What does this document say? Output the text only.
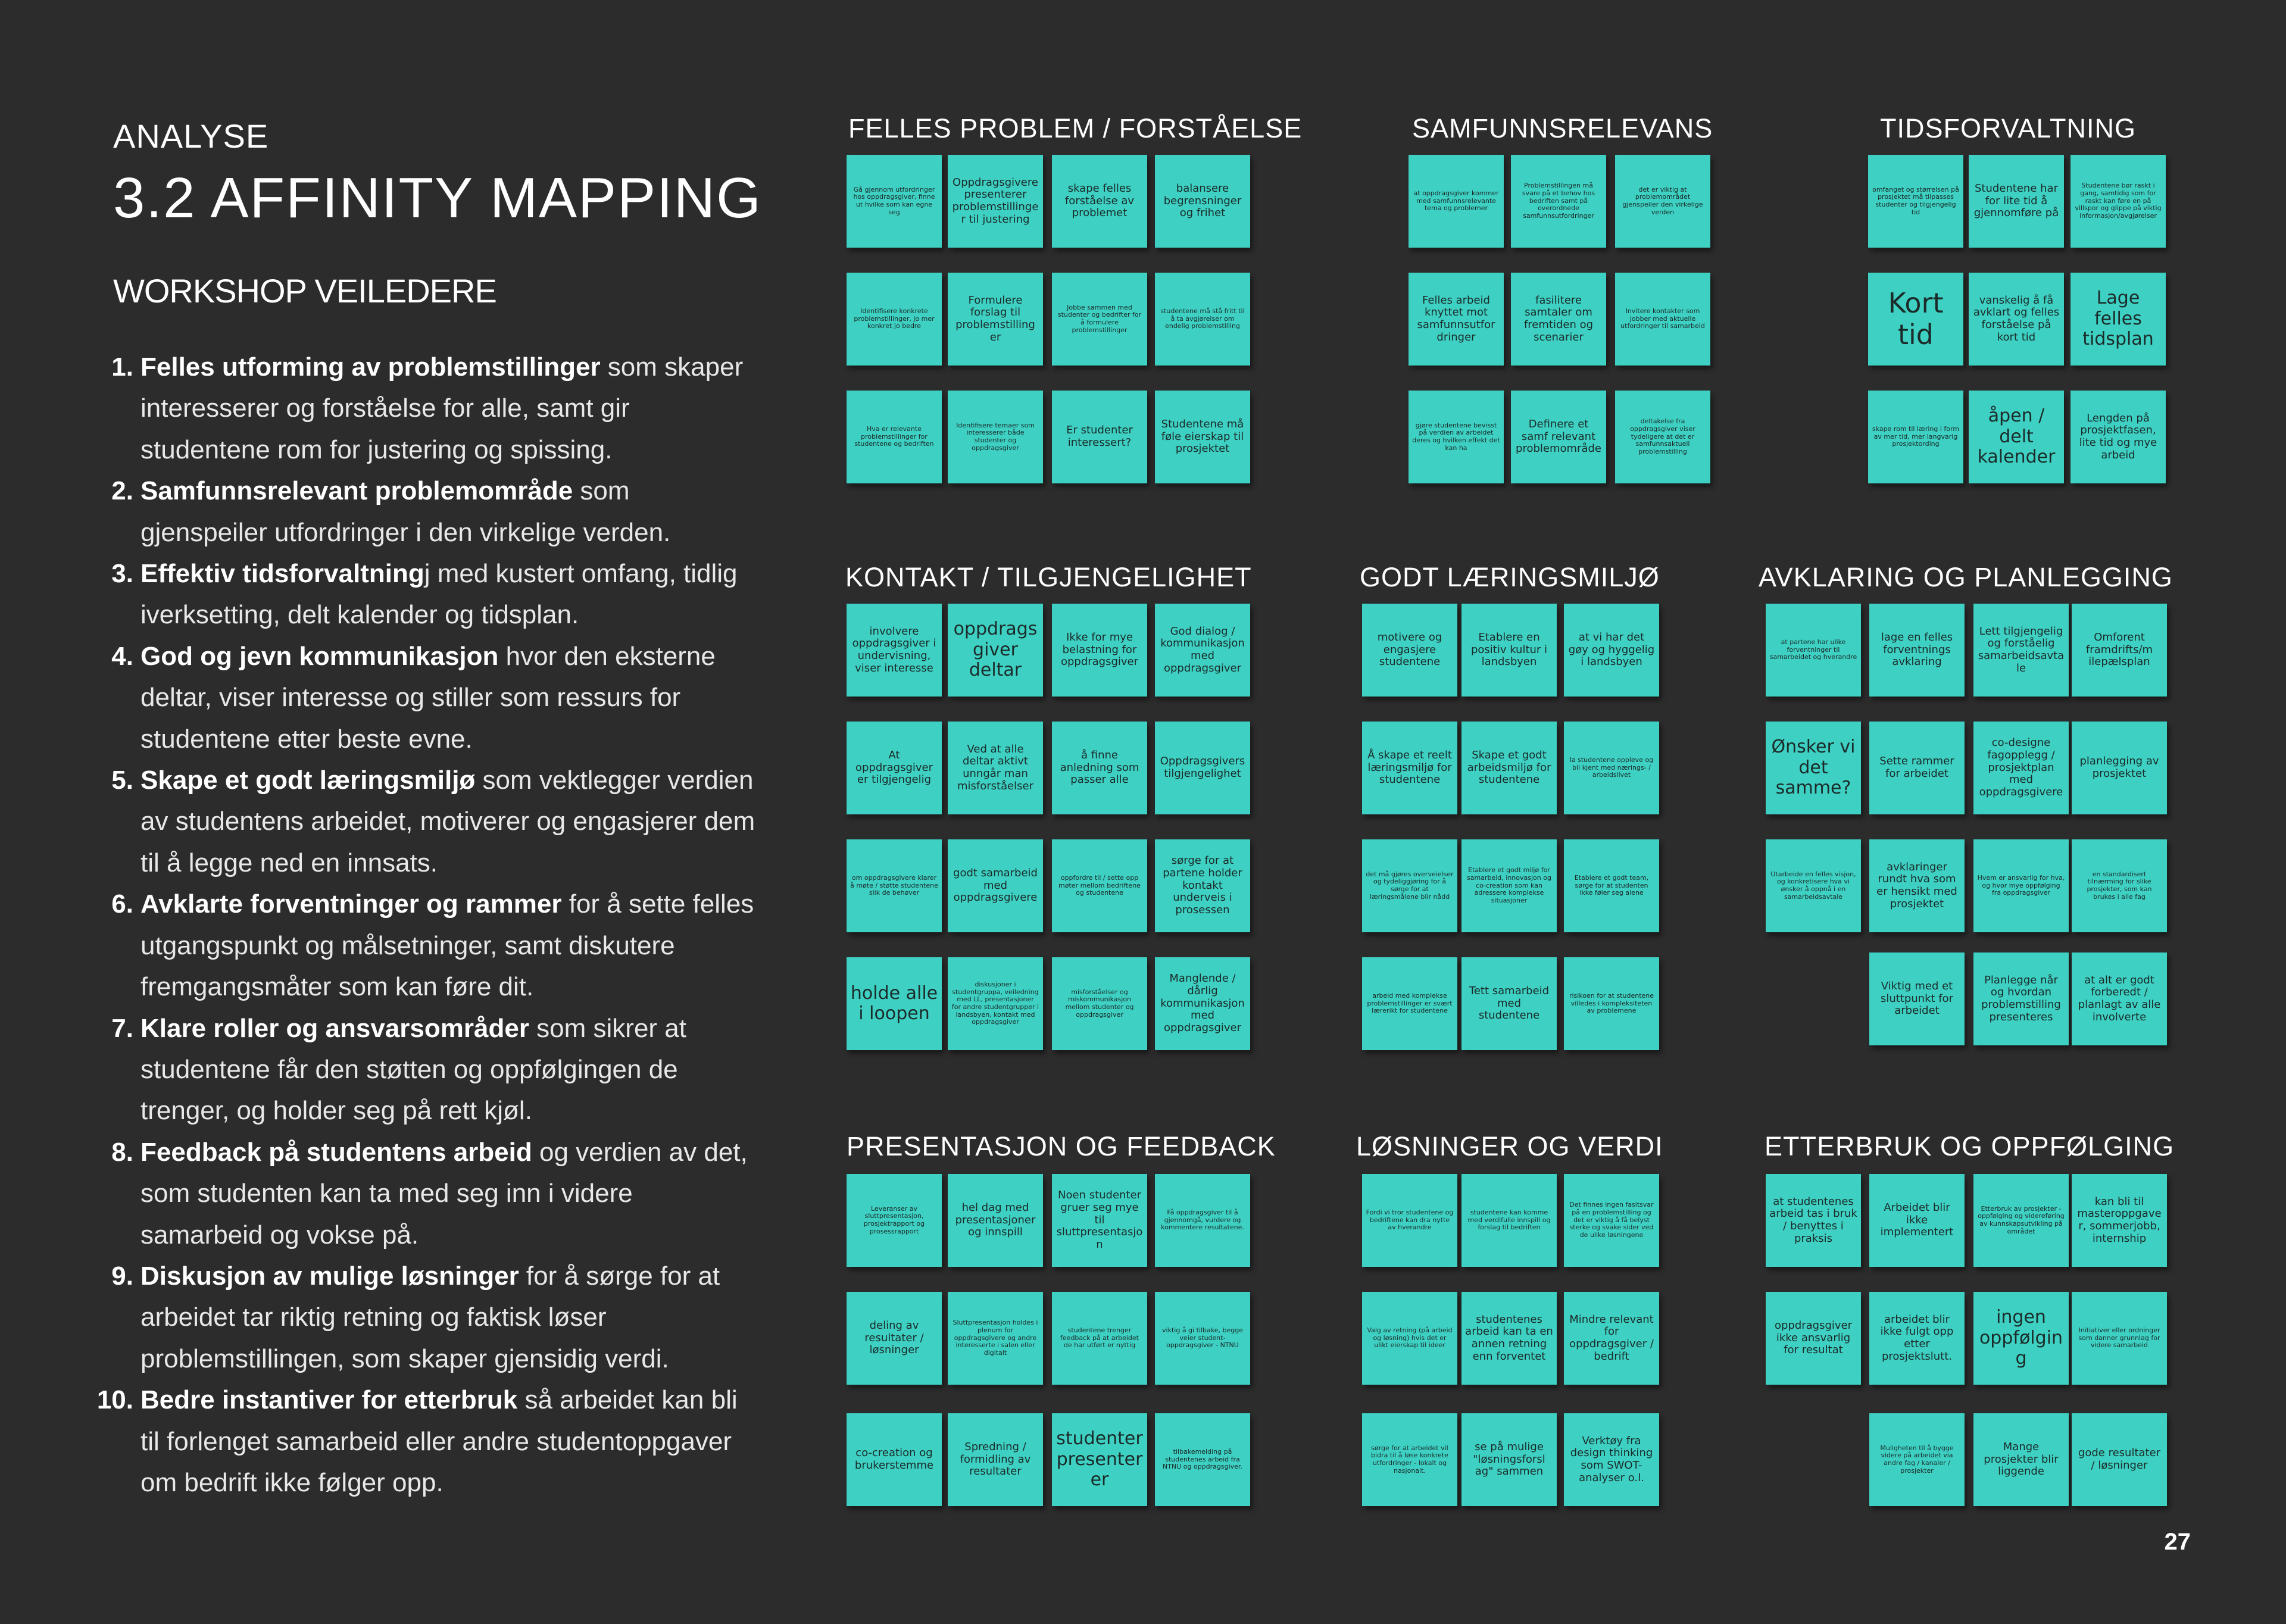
ANALYSE
3.2 AFFINITY MAPPING
WORKSHOP VEILEDERE
1. Felles utforming av problemstillinger som skaper interesserer og forståelse for alle, samt gir studentene rom for justering og spissing.
2. Samfunnsrelevant problemområde som gjenspeiler utfordringer i den virkelige verden.
3. Effektiv tidsforvaltningj med kustert omfang, tidlig iverksetting, delt kalender og tidsplan.
4. God og jevn kommunikasjon hvor den eksterne deltar, viser interesse og stiller som ressurs for studentene etter beste evne.
5. Skape et godt læringsmiljø som vektlegger verdien av studentens arbeidet, motiverer og engasjerer dem til å legge ned en innsats.
6. Avklarte forventninger og rammer for å sette felles utgangspunkt og målsetninger, samt diskutere fremgangsmåter som kan føre dit.
7. Klare roller og ansvarsområder som sikrer at studentene får den støtten og oppfølgingen de trenger, og holder seg på rett kjøl.
8. Feedback på studentens arbeid og verdien av det, som studenten kan ta med seg inn i videre samarbeid og vokse på.
9. Diskusjon av mulige løsninger for å sørge for at arbeidet tar riktig retning og faktisk løser problemstillingen, som skaper gjensidig verdi.
10. Bedre instantiver for etterbruk så arbeidet kan bli til forlenget samarbeid eller andre studentoppgaver om bedrift ikke følger opp.
FELLES PROBLEM / FORSTÅELSE
Gå gjennom utfordringer hos oppdragsgiver, finne ut hvilke som kan egne seg
Oppdragsgivere presenterer problemstillinger til justering
skape felles forståelse av problemet
balansere begrensninger og frihet
Identifisere konkrete problemstillinger, jo mer konkret jo bedre
Formulere forslag til problemstilling er
Jobbe sammen med studenter og bedrifter for å formulere problemstillinger
studentene må stå fritt til å ta avgjørelser om endelig problemstilling
Hva er relevante problemstillinger for studentene og bedriften
Identifisere temaer som interesserer både studenter og oppdragsgiver
Er studenter interessert?
Studentene må føle eierskap til prosjektet
SAMFUNNSRELEVANS
at oppdragsgiver kommer med samfunnsrelevante tema og problemer
Problemstillingen må svare på et behov hos bedriften samt på overordnede samfunnsutfordringer
det er viktig at problemområdet gjenspeiler den virkelige verden
Felles arbeid knyttet mot samfunnsutfor dringer
fasilitere samtaler om fremtiden og scenarier
Invitere kontakter som jobber med aktuelle utfordringer til samarbeid
gjøre studentene bevisst på verdien av arbeidet deres og hvilken effekt det kan ha
Definere et samf relevant problemområde
deltakelse fra oppdragsgiver viser tydeligere at det er samfunnsaktuell problemstilling
TIDSFORVALTNING
omfanget og størrelsen på prosjektet må tilpasses studenter og tilgjengelig tid
Studentene har for lite tid å gjennomføre på
Studentene bør raskt i gang, samtidig som for raskt kan føre en på villspor og glippe på viktig informasjon/avgjørelser
Kort tid
vanskelig å få avklart og felles forståelse på kort tid
Lage felles tidsplan
skape rom til læring i form av mer tid, mer langvarig prosjektording
åpen / delt kalender
Lengden på prosjektfasen, lite tid og mye arbeid
KONTAKT / TILGJENGELIGHET
involvere oppdragsgiver i undervisning, viser interesse
oppdragsgiver deltar
Ikke for mye belastning for oppdragsgiver
God dialog / kommunikasjon med oppdragsgiver
At oppdragsgiver er tilgjengelig
Ved at alle deltar aktivt unngår man misforståelser
å finne anledning som passer alle
Oppdragsgivers tilgjengelighet
om oppdragsgivere klarer å møte / støtte studentene slik de behøver
godt samarbeid med oppdragsgivere
oppfordre til / sette opp møter mellom bedriftene og studentene
sørge for at partene holder kontakt underveis i prosessen
holde alle i loopen
diskusjoner i studentgruppa, veiledning med LL, presentasjoner for andre studentgrupper i landsbyen, kontakt med oppdragsgiver
misforståelser og miskommunikasjon mellom studenter og oppdragsgiver
Manglende / dårlig kommunikasjon med oppdragsgiver
GODT LÆRINGSMILJØ
motivere og engasjere studentene
Etablere en positiv kultur i landsbyen
at vi har det gøy og hyggelig i landsbyen
Å skape et reelt læringsmiljø for studentene
Skape et godt arbeidsmiljø for studentene
la studentene oppleve og bli kjent med nærings- / arbeidslivet
det må gjøres overveielser og tydeliggjøring for å sørge for at læringsmålene blir nådd
Etablere et godt miljø for samarbeid, innovasjon og co-creation som kan adressere komplekse situasjoner
Etablere et godt team, sørge for at studenten ikke føler seg alene
arbeid med komplekse problemstillinger er svært lærerikt for studentene
Tett samarbeid med studentene
risikoen for at studentene villedes i kompleksiteten av problemene
AVKLARING OG PLANLEGGING
at partene har ulike forventninger til samarbeidet og hverandre
lage en felles forventnings avklaring
Lett tilgjengelig og forståelig samarbeidsavtale
Omforent framdrifts/m ilepælsplan
Ønsker vi det samme?
Sette rammer for arbeidet
co-designe fagopplegg / prosjektplan med oppdragsgivere
planlegging av prosjektet
Utarbeide en felles visjon, og konkretisere hva vi ønsker å oppnå i en samarbeidsavtale
avklaringer rundt hva som er hensikt med prosjektet
Hvem er ansvarlig for hva, og hvor mye oppfølging fra oppdragsgiver
en standardisert tilnærming for slike prosjekter, som kan brukes i alle fag
Viktig med et sluttpunkt for arbeidet
Planlegge når og hvordan problemstilling presenteres
at alt er godt forberedt / planlagt av alle involverte
PRESENTASJON OG FEEDBACK
Leveranser av sluttpresentasjon, prosjektrapport og prosessrapport
hel dag med presentasjoner og innspill
Noen studenter gruer seg mye til sluttpresentasjon
Få oppdragsgiver til å gjennomgå, vurdere og kommentere resultatene.
deling av resultater / løsninger
Sluttpresentasjon holdes i plenum for oppdragsgivere og andre interesserte i salen eller digitalt
studentene trenger feedback på at arbeidet de har utført er nyttig
viktig å gi tilbake, begge veier student-oppdragsgiver - NTNU
co-creation og brukerstemme
Spredning / formidling av resultater
studenter presenterer
tilbakemelding på studentenes arbeid fra NTNU og oppdragsgiver.
LØSNINGER OG VERDI
Fordi vi tror studentene og bedriftene kan dra nytte av hverandre
studentene kan komme med verdifulle innspill og forslag til bedriften
Det finnes ingen fasitsvar på en problemstilling og det er viktig å få belyst sterke og svake sider ved de ulike løsningene
Valg av retning (på arbeid og løsning) hvis det er ulikt eierskap til ideer
studentenes arbeid kan ta en annen retning enn forventet
Mindre relevant for oppdragsgiver / bedrift
sørge for at arbeidet vil bidra til å løse konkrete utfordringer - lokalt og nasjonalt.
se på mulige "løsningsforsl ag" sammen
Verktøy fra design thinking som SWOT-analyser o.l.
ETTERBRUK OG OPPFØLGING
at studentenes arbeid tas i bruk / benyttes i praksis
Arbeidet blir ikke implementert
Etterbruk av prosjekter - oppfølging og videreføring av kunnskapsutvikling på området
kan bli til masteroppgaver, sommerjobb, internship
oppdragsgiver ikke ansvarlig for resultat
arbeidet blir ikke fulgt opp etter prosjektslutt.
ingen oppfølging
Initiativer eller ordninger som danner grunnlag for videre samarbeid
Muligheten til å bygge videre på arbeidet via andre fag / kanaler / prosjekter
Mange prosjekter blir liggende
gode resultater / løsninger
27
